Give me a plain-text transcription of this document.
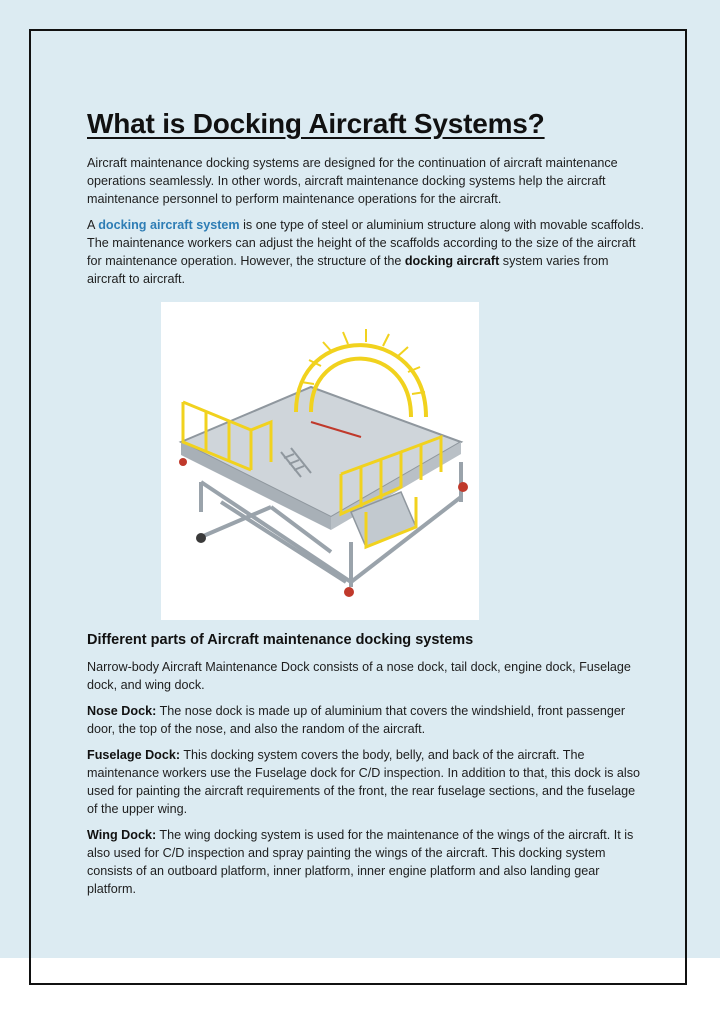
What is Docking Aircraft Systems?

Aircraft maintenance docking systems are designed for the continuation of aircraft maintenance operations seamlessly. In other words, aircraft maintenance docking systems help the aircraft maintenance personnel to perform maintenance operations for the aircraft.

A docking aircraft system is one type of steel or aluminium structure along with movable scaffolds. The maintenance workers can adjust the height of the scaffolds according to the size of the aircraft for maintenance operation. However, the structure of the docking aircraft system varies from aircraft to aircraft.

Different parts of Aircraft maintenance docking systems

Narrow-body Aircraft Maintenance Dock consists of a nose dock, tail dock, engine dock, Fuselage dock, and wing dock.

Nose Dock: The nose dock is made up of aluminium that covers the windshield, front passenger door, the top of the nose, and also the random of the aircraft.

Fuselage Dock: This docking system covers the body, belly, and back of the aircraft. The maintenance workers use the Fuselage dock for C/D inspection. In addition to that, this dock is also used for painting the aircraft requirements of the front, the rear fuselage sections, and the fuselage of the upper wing.

Wing Dock: The wing docking system is used for the maintenance of the wings of the aircraft. It is also used for C/D inspection and spray painting the wings of the aircraft. This docking system consists of an outboard platform, inner platform, inner engine platform and also landing gear platform.
